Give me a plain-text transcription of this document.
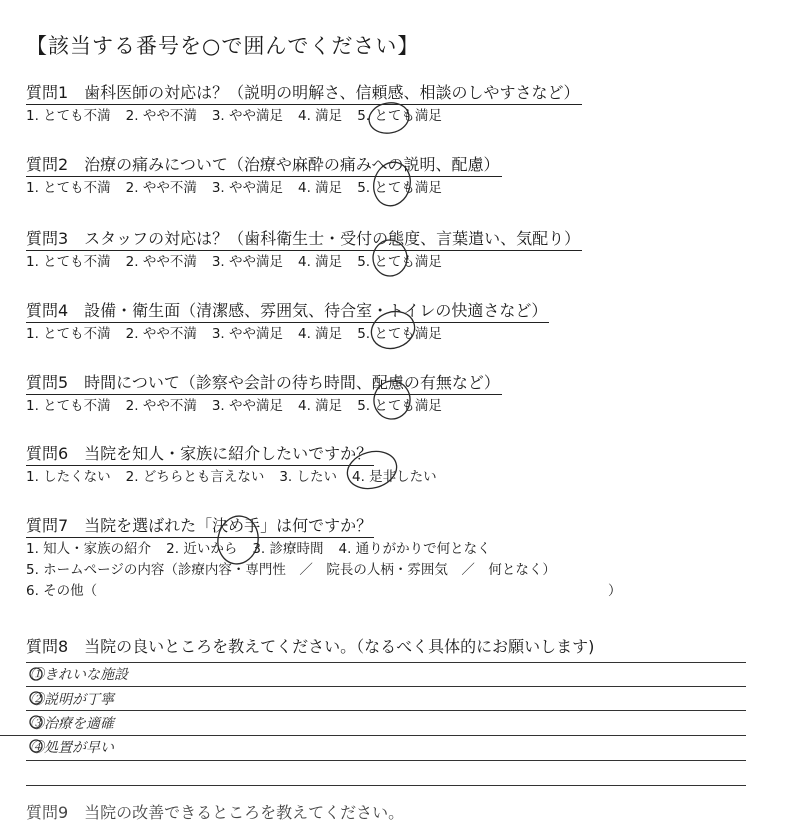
【該当する番号を○で囲んでください】
質問1　歯科医師の対応は？（説明の明解さ、信頼感、相談のしやすさなど）
1. とても不満 2. やや不満 3. やや満足 4. 満足 5. とても満足
質問2　治療の痛みについて（治療や麻酔の痛みへの説明、配慮）
1. とても不満 2. やや不満 3. やや満足 4. 満足 5. とても満足
質問3　スタッフの対応は？（歯科衛生士・受付の態度、言葉遣い、気配り）
1. とても不満 2. やや不満 3. やや満足 4. 満足 5. とても満足
質問4　設備・衛生面（清潔感、雰囲気、待合室・トイレの快適さなど）
1. とても不満 2. やや不満 3. やや満足 4. 満足 5. とても満足
質問5　時間について（診察や会計の待ち時間、配慮の有無など）
1. とても不満 2. やや不満 3. やや満足 4. 満足 5. とても満足
質問6　当院を知人・家族に紹介したいですか？
1. したくない 2. どちらとも言えない 3. したい 4. 是非したい
質問7　当院を選ばれた「決め手」は何ですか？
1. 知人・家族の紹介 2. 近いから 3. 診療時間 4. 通りがかりで何となく
5. ホームページの内容（診療内容・専門性　／　院長の人柄・雰囲気　／　何となく）
6. その他（	）
質問8　当院の良いところを教えてください。（なるべく具体的にお願いします)
①きれいな施設
②説明が丁寧
③治療を適確
④処置が早い
質問9　当院の改善できるところを教えてください。
